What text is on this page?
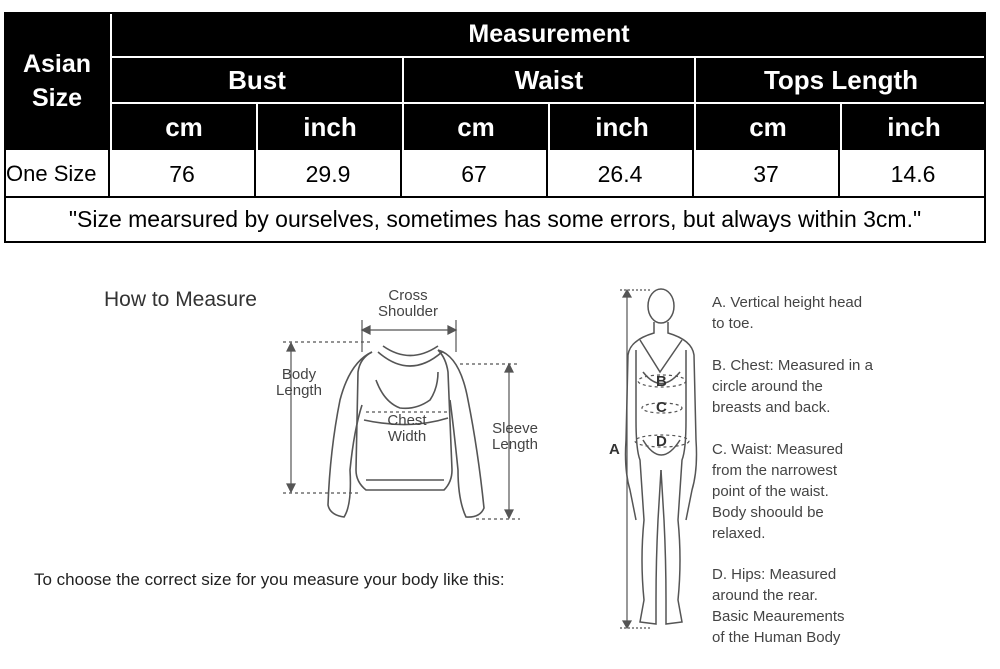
Asian
Size
Measurement
Bust	Waist	Tops Length
cm	inch	cm	inch	cm	inch
One Size	76	29.9	67	26.4	37	14.6
"Size mearsured by ourselves, sometimes has some errors, but always within 3cm."
How to Measure	Cross
Shoulder
Body
Length
Chest
Width	Sleeve
Length
To choose the correct size for you measure your body like this:
A
B
C
D
A. Vertical height head
to toe.
B. Chest: Measured in a
circle around the
breasts and back.
C. Waist: Measured
from the narrowest
point of the waist.
Body shoould be
relaxed.
D. Hips: Measured
around the rear.
Basic Meaurements
of the Human Body
